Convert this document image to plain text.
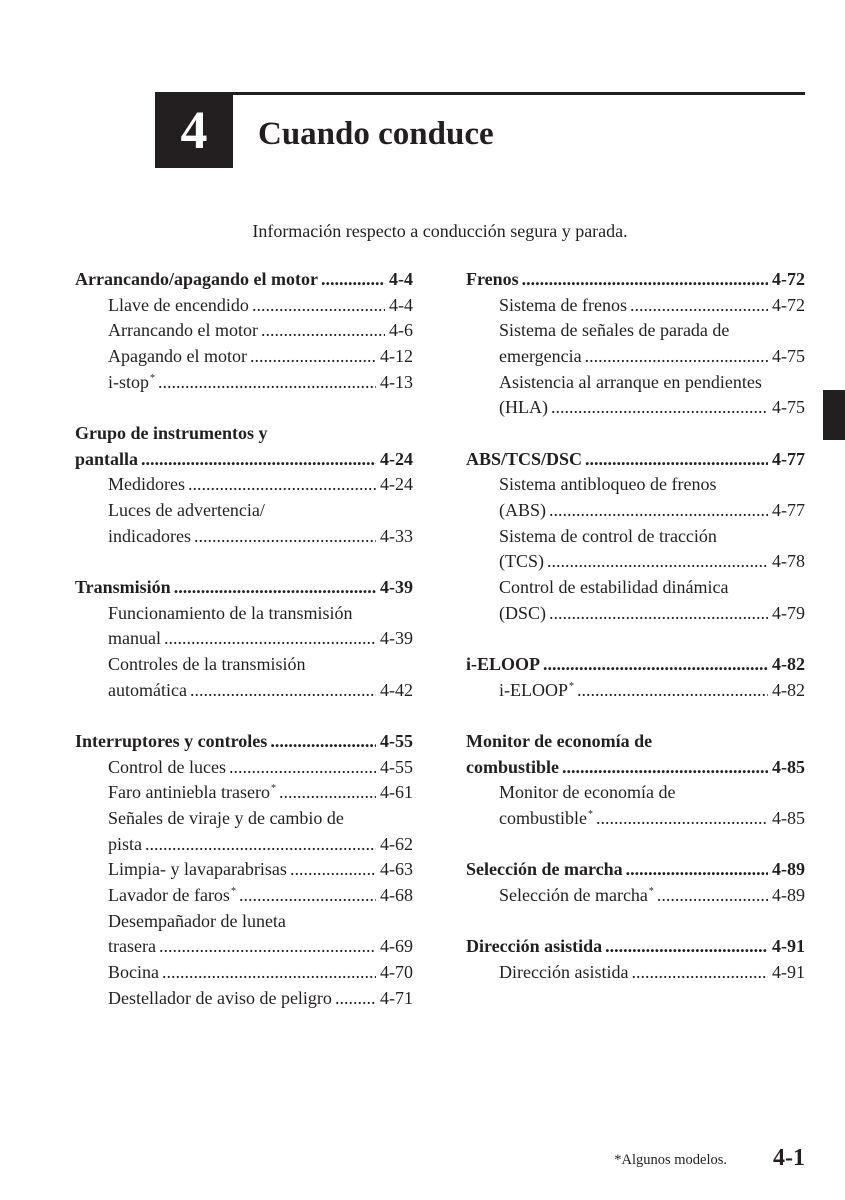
4	Cuando conduce
Información respecto a conducción segura y parada.
Arrancando/apagando el motor .....	4-4
Llave de encendido .....	4-4
Arrancando el motor .....	4-6
Apagando el motor .....	4-12
i-stop* .....	4-13
Grupo de instrumentos y
pantalla .....	4-24
Medidores .....	4-24
Luces de advertencia/
indicadores .....	4-33
Transmisión .....	4-39
Funcionamiento de la transmisión
manual .....	4-39
Controles de la transmisión
automática .....	4-42
Interruptores y controles .....	4-55
Control de luces .....	4-55
Faro antiniebla trasero* .....	4-61
Señales de viraje y de cambio de
pista .....	4-62
Limpia- y lavaparabrisas .....	4-63
Lavador de faros* .....	4-68
Desempañador de luneta
trasera .....	4-69
Bocina .....	4-70
Destellador de aviso de peligro .....	4-71
Frenos .....	4-72
Sistema de frenos .....	4-72
Sistema de señales de parada de
emergencia .....	4-75
Asistencia al arranque en pendientes
(HLA) .....	4-75
ABS/TCS/DSC .....	4-77
Sistema antibloqueo de frenos
(ABS) .....	4-77
Sistema de control de tracción
(TCS) .....	4-78
Control de estabilidad dinámica
(DSC) .....	4-79
i-ELOOP .....	4-82
i-ELOOP* .....	4-82
Monitor de economía de
combustible .....	4-85
Monitor de economía de
combustible* .....	4-85
Selección de marcha .....	4-89
Selección de marcha* .....	4-89
Dirección asistida .....	4-91
Dirección asistida .....	4-91
*Algunos modelos. 4-1
